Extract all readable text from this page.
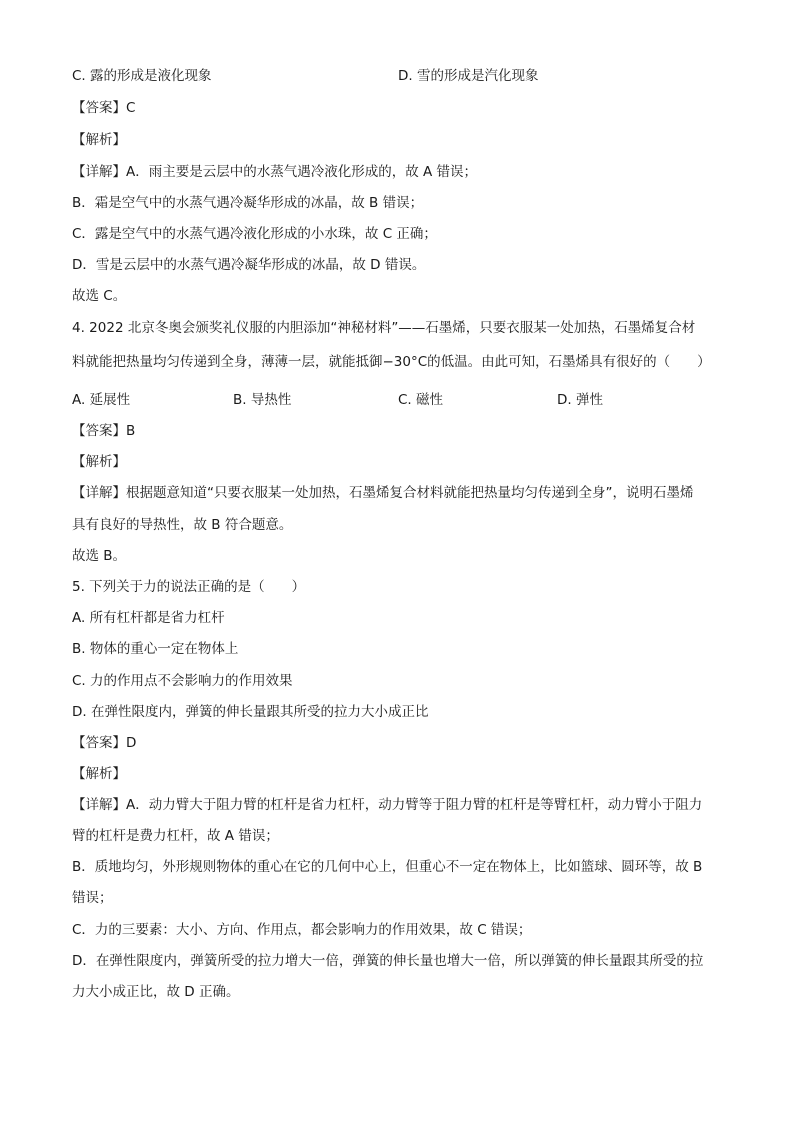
C. 露的形成是液化现象	D. 雪的形成是汽化现象
【答案】C
【解析】
【详解】A．雨主要是云层中的水蒸气遇冷液化形成的，故 A 错误；
B．霜是空气中的水蒸气遇冷凝华形成的冰晶，故 B 错误；
C．露是空气中的水蒸气遇冷液化形成的小水珠，故 C 正确；
D．雪是云层中的水蒸气遇冷凝华形成的冰晶，故 D 错误。
故选 C。
4. 2022 北京冬奥会颁奖礼仪服的内胆添加“神秘材料”——石墨烯，只要衣服某一处加热，石墨烯复合材
料就能把热量均匀传递到全身，薄薄一层，就能抵御−30°C的低温。由此可知，石墨烯具有很好的（　　）
A. 延展性	B. 导热性	C. 磁性	D. 弹性
【答案】B
【解析】
【详解】根据题意知道“只要衣服某一处加热，石墨烯复合材料就能把热量均匀传递到全身”，说明石墨烯
具有良好的导热性，故 B 符合题意。
故选 B。
5. 下列关于力的说法正确的是（　　）
A. 所有杠杆都是省力杠杆
B. 物体的重心一定在物体上
C. 力的作用点不会影响力的作用效果
D. 在弹性限度内，弹簧的伸长量跟其所受的拉力大小成正比
【答案】D
【解析】
【详解】A．动力臂大于阻力臂的杠杆是省力杠杆，动力臂等于阻力臂的杠杆是等臂杠杆，动力臂小于阻力
臂的杠杆是费力杠杆，故 A 错误；
B．质地均匀，外形规则物体的重心在它的几何中心上，但重心不一定在物体上，比如篮球、圆环等，故 B
错误；
C．力的三要素：大小、方向、作用点，都会影响力的作用效果，故 C 错误；
D．在弹性限度内，弹簧所受的拉力增大一倍，弹簧的伸长量也增大一倍，所以弹簧的伸长量跟其所受的拉
力大小成正比，故 D 正确。
